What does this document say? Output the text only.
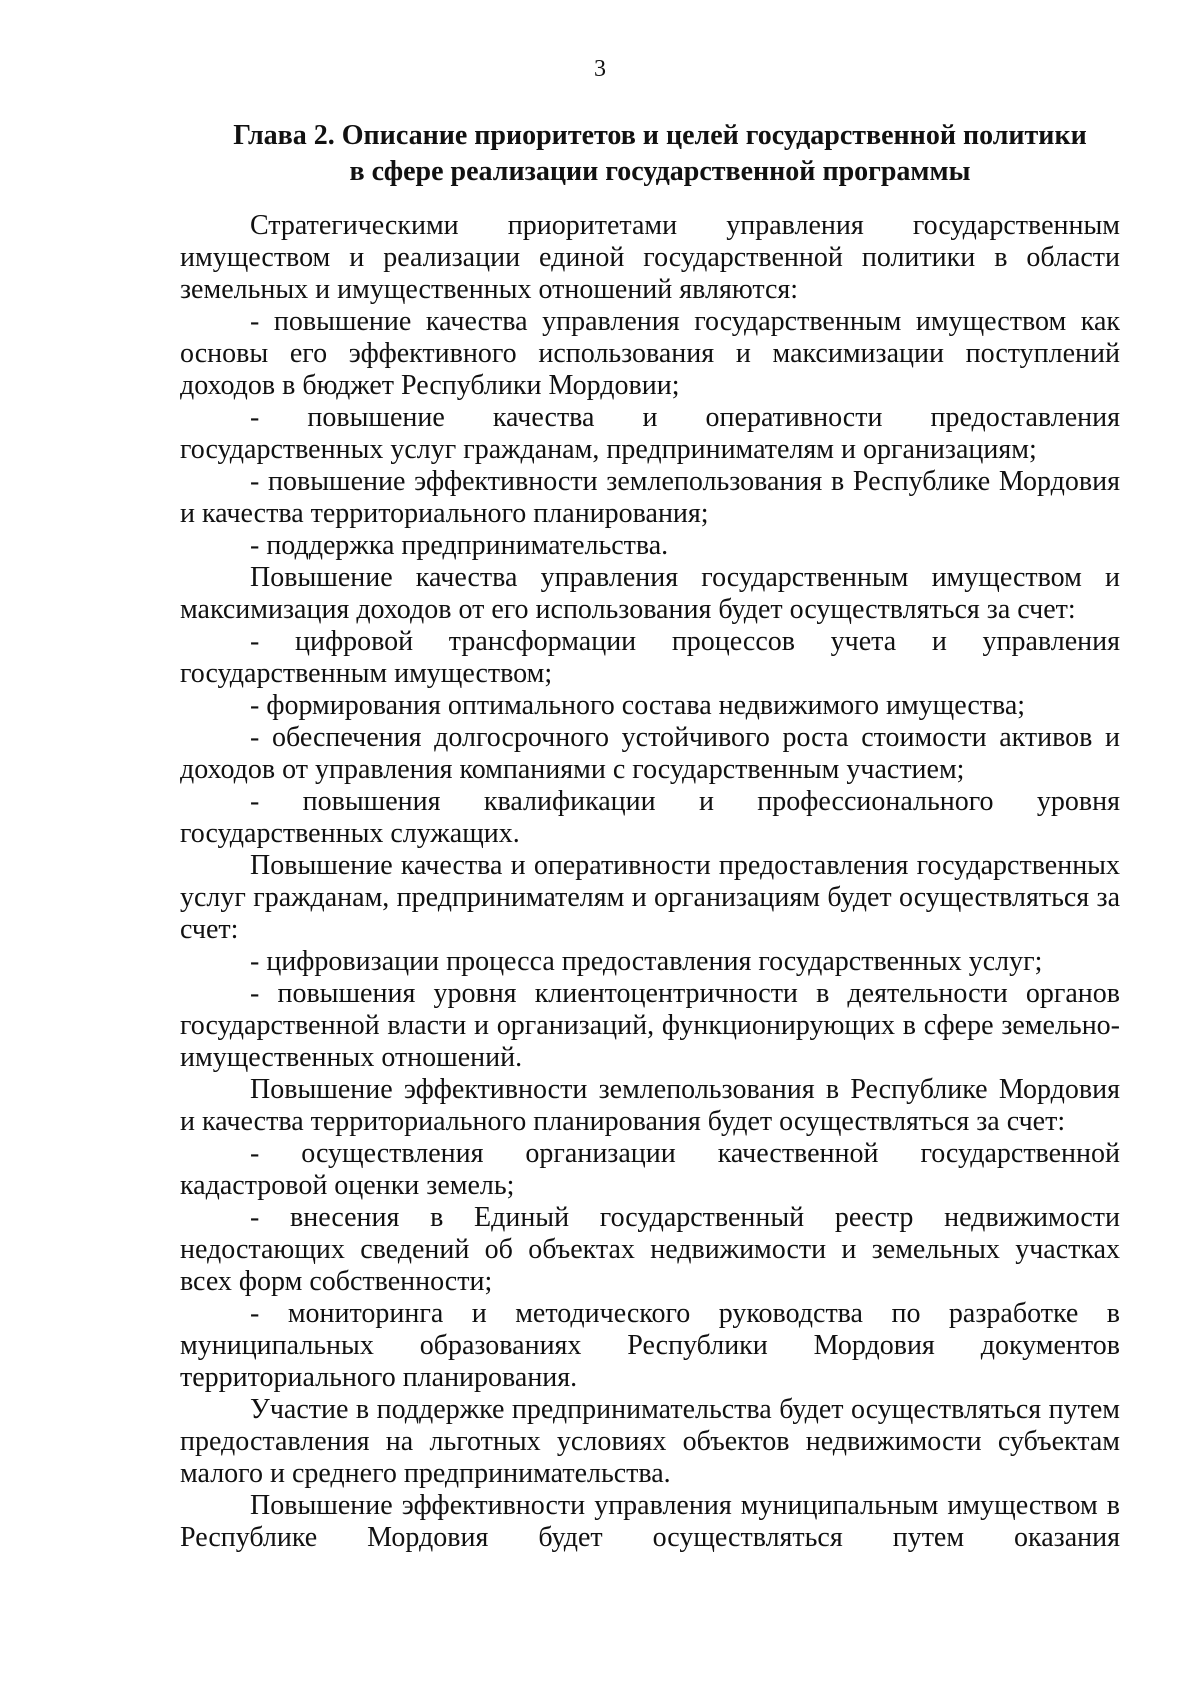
3
Глава 2. Описание приоритетов и целей государственной политики
в сфере реализации государственной программы

Стратегическими приоритетами управления государственным имуществом и реализации единой государственной политики в области земельных и имущественных отношений являются:

- повышение качества управления государственным имуществом как основы его эффективного использования и максимизации поступлений доходов в бюджет Республики Мордовии;

- повышение качества и оперативности предоставления государственных услуг гражданам, предпринимателям и организациям;

- повышение эффективности землепользования в Республике Мордовия и качества территориального планирования;

- поддержка предпринимательства.

Повышение качества управления государственным имуществом и максимизация доходов от его использования будет осуществляться за счет:

- цифровой трансформации процессов учета и управления государственным имуществом;

- формирования оптимального состава недвижимого имущества;

- обеспечения долгосрочного устойчивого роста стоимости активов и доходов от управления компаниями с государственным участием;

- повышения квалификации и профессионального уровня государственных служащих.

Повышение качества и оперативности предоставления государственных услуг гражданам, предпринимателям и организациям будет осуществляться за счет:

- цифровизации процесса предоставления государственных услуг;

- повышения уровня клиентоцентричности в деятельности органов государственной власти и организаций, функционирующих в сфере земельно-имущественных отношений.

Повышение эффективности землепользования в Республике Мордовия и качества территориального планирования будет осуществляться за счет:

- осуществления организации качественной государственной кадастровой оценки земель;

- внесения в Единый государственный реестр недвижимости недостающих сведений об объектах недвижимости и земельных участках всех форм собственности;

- мониторинга и методического руководства по разработке в муниципальных образованиях Республики Мордовия документов территориального планирования.

Участие в поддержке предпринимательства будет осуществляться путем предоставления на льготных условиях объектов недвижимости субъектам малого и среднего предпринимательства.

Повышение эффективности управления муниципальным имуществом в Республике Мордовия будет осуществляться путем оказания
